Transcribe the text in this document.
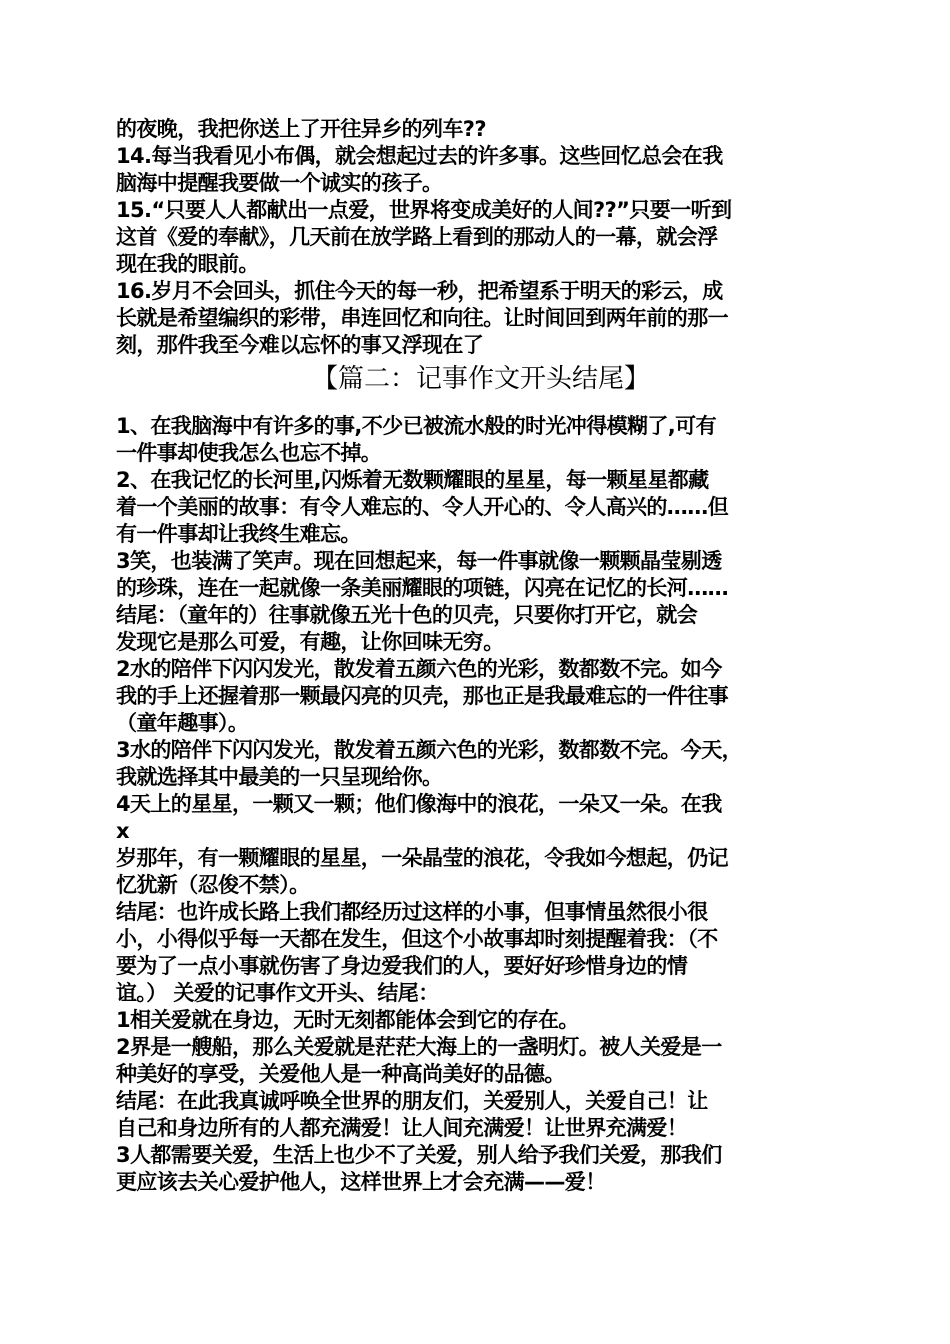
的夜晚，我把你送上了开往异乡的列车??
14.每当我看见小布偶，就会想起过去的许多事。这些回忆总会在我
脑海中提醒我要做一个诚实的孩子。
15.“只要人人都献出一点爱，世界将变成美好的人间??”只要一听到
这首《爱的奉献》，几天前在放学路上看到的那动人的一幕，就会浮
现在我的眼前。
16.岁月不会回头，抓住今天的每一秒，把希望系于明天的彩云，成
长就是希望编织的彩带，串连回忆和向往。让时间回到两年前的那一
刻，那件我至今难以忘怀的事又浮现在了
【篇二：记事作文开头结尾】
1、在我脑海中有许多的事,不少已被流水般的时光冲得模糊了,可有
一件事却使我怎么也忘不掉。
2、在我记忆的长河里,闪烁着无数颗耀眼的星星，每一颗星星都藏
着一个美丽的故事：有令人难忘的、令人开心的、令人高兴的……但
有一件事却让我终生难忘。
3笑，也装满了笑声。现在回想起来，每一件事就像一颗颗晶莹剔透
的珍珠，连在一起就像一条美丽耀眼的项链，闪亮在记忆的长河……
结尾：（童年的）往事就像五光十色的贝壳，只要你打开它，就会
发现它是那么可爱，有趣，让你回味无穷。
2水的陪伴下闪闪发光，散发着五颜六色的光彩，数都数不完。如今
我的手上还握着那一颗最闪亮的贝壳，那也正是我最难忘的一件往事
（童年趣事）。
3水的陪伴下闪闪发光，散发着五颜六色的光彩，数都数不完。今天，
我就选择其中最美的一只呈现给你。
4天上的星星，一颗又一颗；他们像海中的浪花，一朵又一朵。在我
x
岁那年，有一颗耀眼的星星，一朵晶莹的浪花，令我如今想起，仍记
忆犹新（忍俊不禁）。
结尾：也许成长路上我们都经历过这样的小事，但事情虽然很小很
小，小得似乎每一天都在发生，但这个小故事却时刻提醒着我：（不
要为了一点小事就伤害了身边爱我们的人，要好好珍惜身边的情
谊。） 关爱的记事作文开头、结尾：
1相关爱就在身边，无时无刻都能体会到它的存在。
2界是一艘船，那么关爱就是茫茫大海上的一盏明灯。被人关爱是一
种美好的享受，关爱他人是一种高尚美好的品德。
结尾：在此我真诚呼唤全世界的朋友们，关爱别人，关爱自己！让
自己和身边所有的人都充满爱！让人间充满爱！让世界充满爱！
3人都需要关爱，生活上也少不了关爱，别人给予我们关爱，那我们
更应该去关心爱护他人，这样世界上才会充满——爱！
